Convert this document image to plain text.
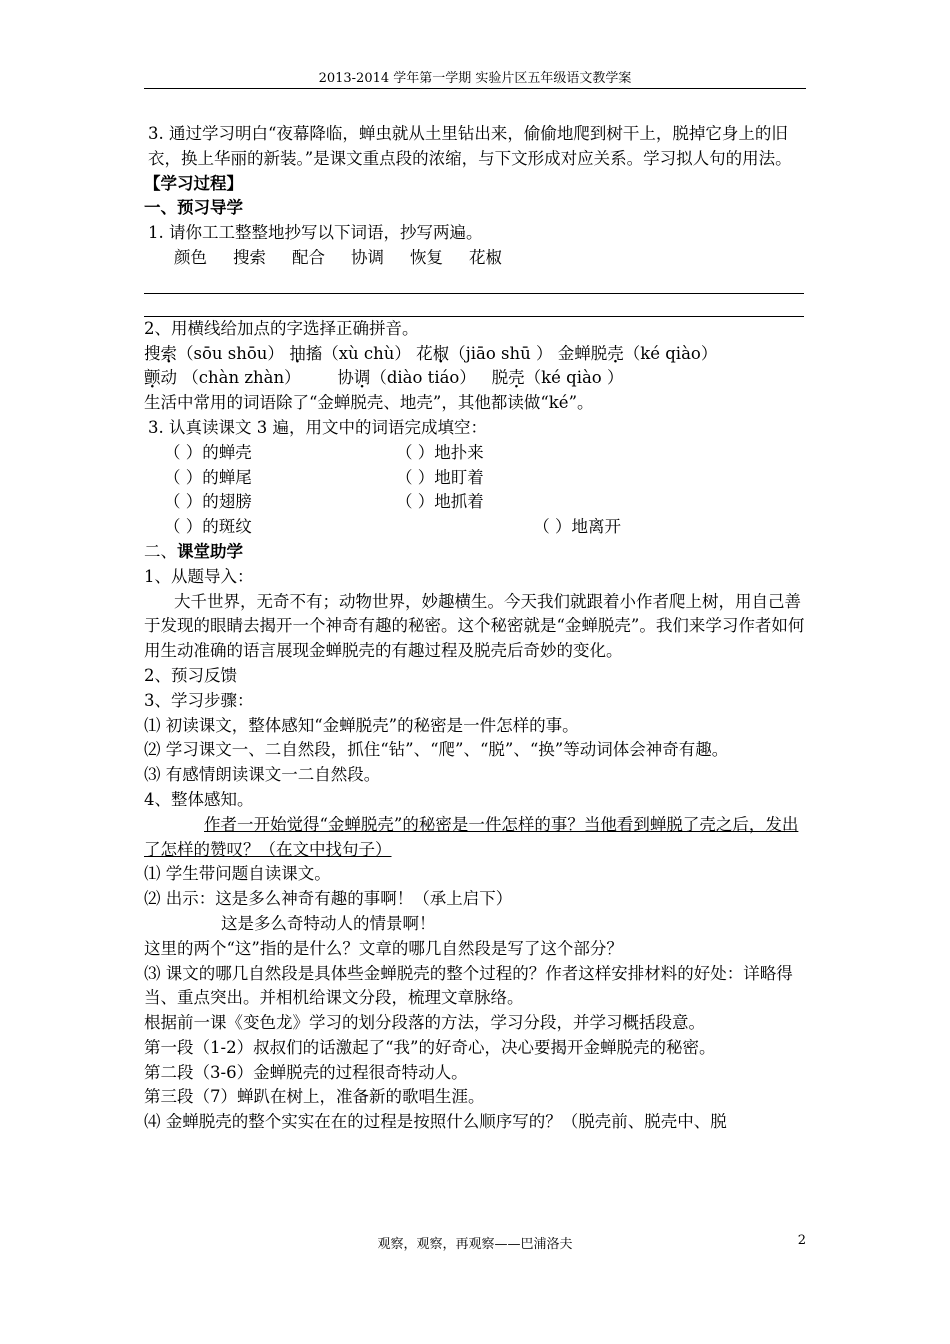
2013-2014 学年第一学期 实验片区五年级语文教学案

3. 通过学习明白“夜幕降临，蝉虫就从土里钻出来，偷偷地爬到树干上，脱掉它身上的旧衣，换上华丽的新装。”是课文重点段的浓缩，与下文形成对应关系。学习拟人句的用法。

【学习过程】

一、预习导学

1. 请你工工整整地抄写以下词语，抄写两遍。

颜色 搜索 配合 协调 恢复 花椒

2、用横线给加点的字选择正确拼音。

搜索（sōu shōu） 抽搐（xù chù） 花椒（jiāo shū ） 金蝉脱壳（ké qiào）

颤动 （chàn zhàn） 协调（diào tiáo） 脱壳（ké qiào ）

生活中常用的词语除了“金蝉脱壳、地壳”，其他都读做“ké”。

3. 认真读课文 3 遍，用文中的词语完成填空：

（ ）的蝉壳	（ ）地扑来
（ ）的蝉尾	（ ）地盯着
（ ）的翅膀	（ ）地抓着
（ ）的斑纹	（ ）地离开

二、课堂助学

1、从题导入：

大千世界，无奇不有；动物世界，妙趣横生。今天我们就跟着小作者爬上树，用自己善于发现的眼睛去揭开一个神奇有趣的秘密。这个秘密就是“金蝉脱壳”。我们来学习作者如何用生动准确的语言展现金蝉脱壳的有趣过程及脱壳后奇妙的变化。

2、预习反馈

3、学习步骤：

⑴ 初读课文，整体感知“金蝉脱壳”的秘密是一件怎样的事。

⑵ 学习课文一、二自然段，抓住“钻”、“爬”、“脱”、“换”等动词体会神奇有趣。

⑶ 有感情朗读课文一二自然段。

4、整体感知。

作者一开始觉得“金蝉脱壳”的秘密是一件怎样的事？当他看到蝉脱了壳之后，发出了怎样的赞叹？（在文中找句子）

⑴ 学生带问题自读课文。

⑵ 出示：这是多么神奇有趣的事啊！（承上启下）

这是多么奇特动人的情景啊！

这里的两个“这”指的是什么？文章的哪几自然段是写了这个部分？

⑶ 课文的哪几自然段是具体些金蝉脱壳的整个过程的？作者这样安排材料的好处：详略得当、重点突出。并相机给课文分段，梳理文章脉络。

根据前一课《变色龙》学习的划分段落的方法，学习分段，并学习概括段意。

第一段（1-2）叔叔们的话激起了“我”的好奇心，决心要揭开金蝉脱壳的秘密。

第二段（3-6）金蝉脱壳的过程很奇特动人。

第三段（7）蝉趴在树上，准备新的歌唱生涯。

⑷ 金蝉脱壳的整个实实在在的过程是按照什么顺序写的？（脱壳前、脱壳中、脱

观察，观察，再观察——巴浦洛夫	2
